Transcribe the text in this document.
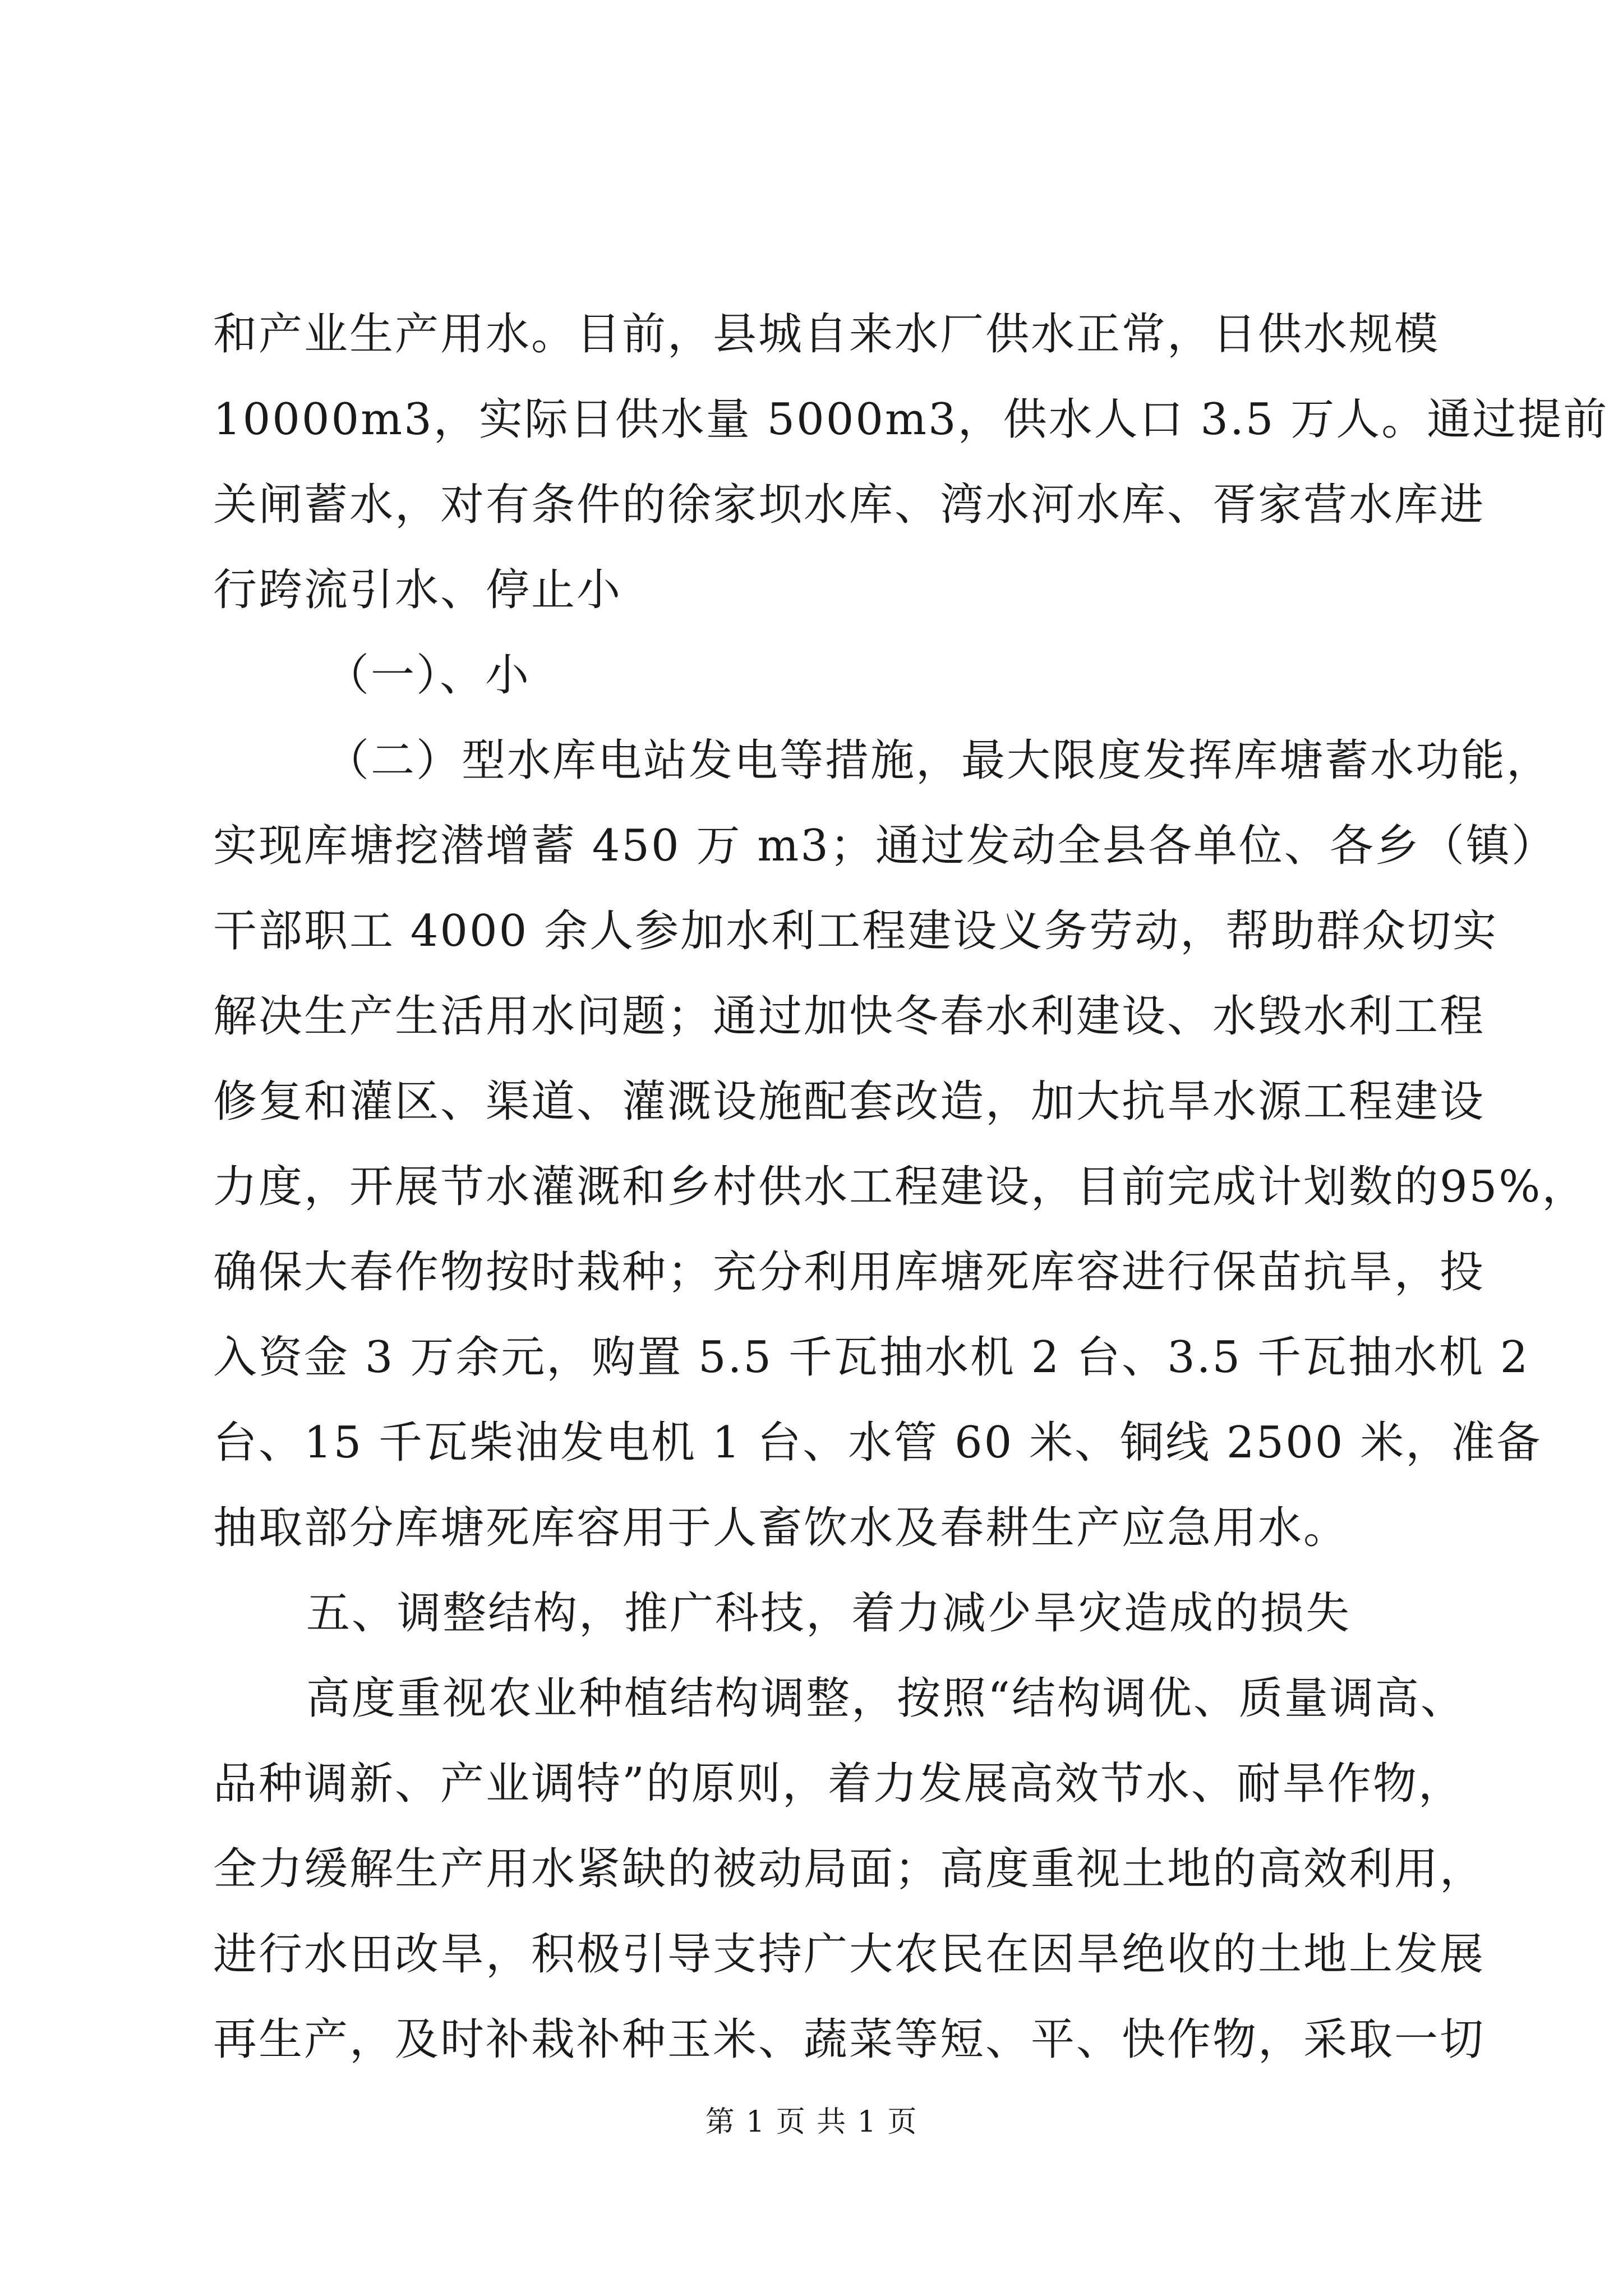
和产业生产用水。目前，县城自来水厂供水正常，日供水规模
10000m3，实际日供水量 5000m3，供水人口 3.5 万人。通过提前
关闸蓄水，对有条件的徐家坝水库、湾水河水库、胥家营水库进
行跨流引水、停止小
（一）、小
（二）型水库电站发电等措施，最大限度发挥库塘蓄水功能，
实现库塘挖潜增蓄 450 万 m3；通过发动全县各单位、各乡（镇）
干部职工 4000 余人参加水利工程建设义务劳动，帮助群众切实
解决生产生活用水问题；通过加快冬春水利建设、水毁水利工程
修复和灌区、渠道、灌溉设施配套改造，加大抗旱水源工程建设
力度，开展节水灌溉和乡村供水工程建设，目前完成计划数的95%，
确保大春作物按时栽种；充分利用库塘死库容进行保苗抗旱，投
入资金 3 万余元，购置 5.5 千瓦抽水机 2 台、3.5 千瓦抽水机 2
台、15 千瓦柴油发电机 1 台、水管 60 米、铜线 2500 米，准备
抽取部分库塘死库容用于人畜饮水及春耕生产应急用水。
五、调整结构，推广科技，着力减少旱灾造成的损失
高度重视农业种植结构调整，按照“结构调优、质量调高、
品种调新、产业调特”的原则，着力发展高效节水、耐旱作物，
全力缓解生产用水紧缺的被动局面；高度重视土地的高效利用，
进行水田改旱，积极引导支持广大农民在因旱绝收的土地上发展
再生产，及时补栽补种玉米、蔬菜等短、平、快作物，采取一切
第 1 页 共 1 页
